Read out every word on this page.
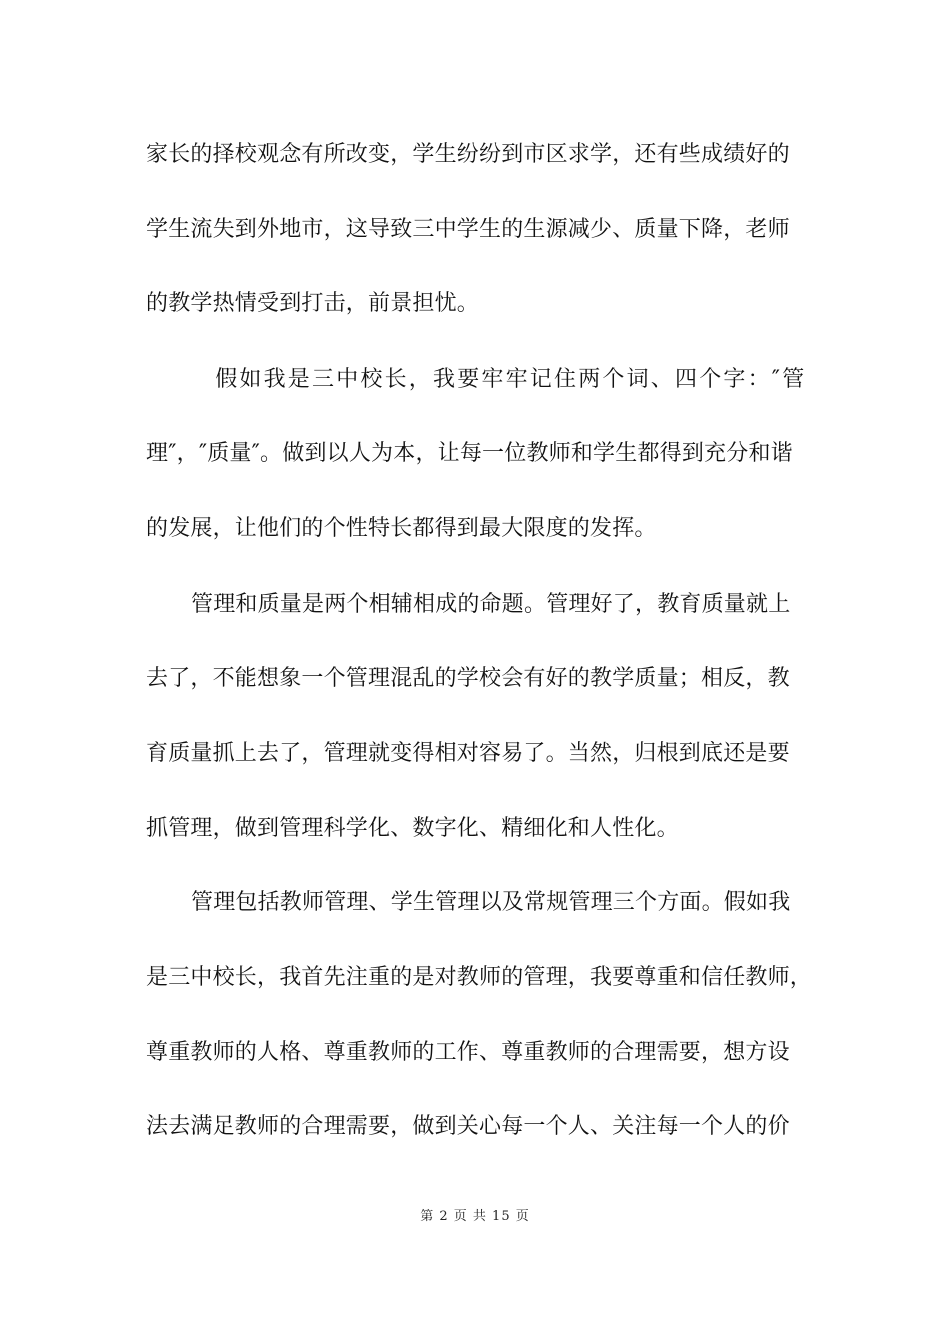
家长的择校观念有所改变，学生纷纷到市区求学，还有些成绩好的
学生流失到外地市，这导致三中学生的生源减少、质量下降，老师
的教学热情受到打击，前景担忧。
　假如我是三中校长，我要牢牢记住两个词、四个字：″管
理″，″质量″。做到以人为本，让每一位教师和学生都得到充分和谐
的发展，让他们的个性特长都得到最大限度的发挥。
管理和质量是两个相辅相成的命题。管理好了，教育质量就上
去了，不能想象一个管理混乱的学校会有好的教学质量；相反，教
育质量抓上去了，管理就变得相对容易了。当然，归根到底还是要
抓管理，做到管理科学化、数字化、精细化和人性化。
管理包括教师管理、学生管理以及常规管理三个方面。假如我
是三中校长，我首先注重的是对教师的管理，我要尊重和信任教师，
尊重教师的人格、尊重教师的工作、尊重教师的合理需要，想方设
法去满足教师的合理需要，做到关心每一个人、关注每一个人的价
第 2 页 共 15 页
